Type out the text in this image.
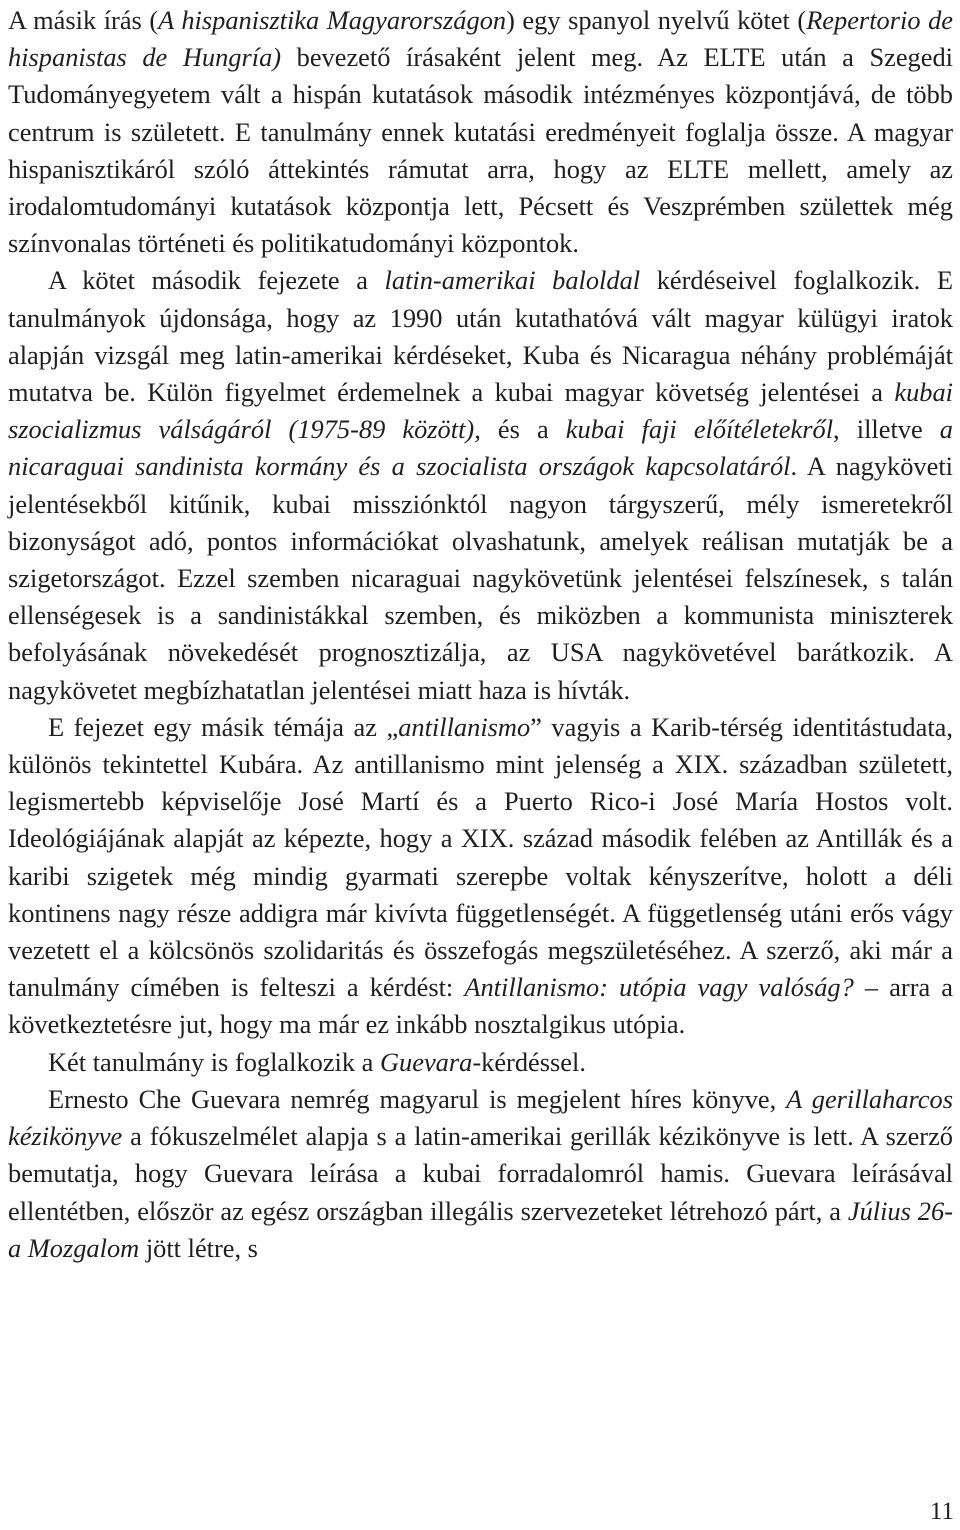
A másik írás (A hispanisztika Magyarországon) egy spanyol nyelvű kötet (Repertorio de hispanistas de Hungría) bevezető írásaként jelent meg. Az ELTE után a Szegedi Tudományegyetem vált a hispán kutatások második intézményes központjává, de több centrum is született. E tanulmány ennek kutatási eredményeit foglalja össze. A magyar hispanisztikáról szóló áttekintés rámutat arra, hogy az ELTE mellett, amely az irodalomtudományi kutatások központja lett, Pécsett és Veszprémben születtek még színvonalas történeti és politikatudományi központok.

A kötet második fejezete a latin-amerikai baloldal kérdéseivel foglalkozik. E tanulmányok újdonsága, hogy az 1990 után kutathatóvá vált magyar külügyi iratok alapján vizsgál meg latin-amerikai kérdéseket, Kuba és Nicaragua néhány problémáját mutatva be. Külön figyelmet érdemelnek a kubai magyar követség jelentései a kubai szocializmus válságáról (1975-89 között), és a kubai faji előítéletekről, illetve a nicaraguai sandinista kormány és a szocialista országok kapcsolatáról. A nagyköveti jelentésekből kitűnik, kubai missziónktól nagyon tárgyszerű, mély ismeretekről bizonyságot adó, pontos információkat olvashatunk, amelyek reálisan mutatják be a szigetországot. Ezzel szemben nicaraguai nagykövetünk jelentései felszínesek, s talán ellenségesek is a sandinistákkal szemben, és miközben a kommunista miniszterek befolyásának növekedését prognosztizálja, az USA nagykövetével barátkozik. A nagykövetet megbízhatatlan jelentései miatt haza is hívták.

E fejezet egy másik témája az „antillanismo” vagyis a Karib-térség identitástudata, különös tekintettel Kubára. Az antillanismo mint jelenség a XIX. században született, legismertebb képviselője José Martí és a Puerto Rico-i José María Hostos volt. Ideológiájának alapját az képezte, hogy a XIX. század második felében az Antillák és a karibi szigetek még mindig gyarmati szerepbe voltak kényszerítve, holott a déli kontinens nagy része addigra már kivívta függetlenségét. A függetlenség utáni erős vágy vezetett el a kölcsönös szolidaritás és összefogás megszületéséhez. A szerző, aki már a tanulmány címében is felteszi a kérdést: Antillanismo: utópia vagy valóság? – arra a következtetésre jut, hogy ma már ez inkább nosztalgikus utópia.

Két tanulmány is foglalkozik a Guevara-kérdéssel.

Ernesto Che Guevara nemrég magyarul is megjelent híres könyve, A gerillaharcos kézikönyve a fókuszelmélet alapja s a latin-amerikai gerillák kézikönyve is lett. A szerző bemutatja, hogy Guevara leírása a kubai forradalomról hamis. Guevara leírásával ellentétben, először az egész országban illegális szervezeteket létrehozó párt, a Július 26-a Mozgalom jött létre, s

11
